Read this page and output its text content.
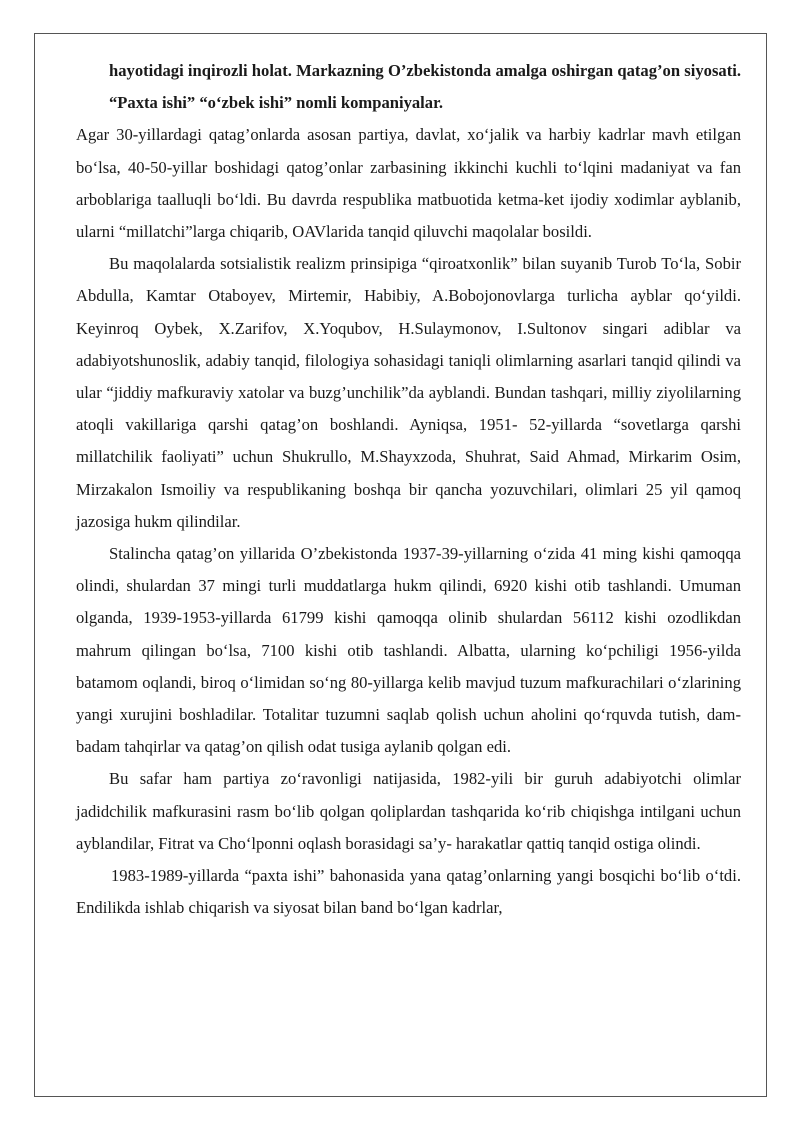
hayotidagi inqirozli holat. Markazning O’zbekistonda amalga oshirgan qatag’on siyosati. “Paxta ishi” “o‘zbek ishi” nomli kompaniyalar.

Agar 30-yillardagi qatag’onlarda asosan partiya, davlat, xo‘jalik va harbiy kadrlar mavh etilgan bo‘lsa, 40-50-yillar boshidagi qatog’onlar zarbasining ikkinchi kuchli to‘lqini madaniyat va fan arboblariga taalluqli bo‘ldi. Bu davrda respublika matbuotida ketma-ket ijodiy xodimlar ayblanib, ularni “millatchi”larga chiqarib, OAVlarida tanqid qiluvchi maqolalar bosildi.

Bu maqolalarda sotsialistik realizm prinsipiga “qiroatxonlik” bilan suyanib Turob To‘la, Sobir Abdulla, Kamtar Otaboyev, Mirtemir, Habibiy, A.Bobojonovlarga turlicha ayblar qo‘yildi. Keyinroq Oybek, X.Zarifov, X.Yoqubov, H.Sulaymonov, I.Sultonov singari adiblar va adabiyotshunoslik, adabiy tanqid, filologiya sohasidagi taniqli olimlarning asarlari tanqid qilindi va ular “jiddiy mafkuraviy xatolar va buzg’unchilik”da ayblandi. Bundan tashqari, milliy ziyolilarning atoqli vakillariga qarshi qatag’on boshlandi. Ayniqsa, 1951- 52-yillarda “sovetlarga qarshi millatchilik faoliyati” uchun Shukrullo, M.Shayxzoda, Shuhrat, Said Ahmad, Mirkarim Osim, Mirzakalon Ismoiliy va respublikaning boshqa bir qancha yozuvchilari, olimlari 25 yil qamoq jazosiga hukm qilindilar.

Stalincha qatag’on yillarida O’zbekistonda 1937-39-yillarning o‘zida 41 ming kishi qamoqqa olindi, shulardan 37 mingi turli muddatlarga hukm qilindi, 6920 kishi otib tashlandi. Umuman olganda, 1939-1953-yillarda 61799 kishi qamoqqa olinib shulardan 56112 kishi ozodlikdan mahrum qilingan bo‘lsa, 7100 kishi otib tashlandi. Albatta, ularning ko‘pchiligi 1956-yilda batamom oqlandi, biroq o‘limidan so‘ng 80-yillarga kelib mavjud tuzum mafkurachilari o‘zlarining yangi xurujini boshladilar. Totalitar tuzumni saqlab qolish uchun aholini qo‘rquvda tutish, dam-badam tahqirlar va qatag’on qilish odat tusiga aylanib qolgan edi.

Bu safar ham partiya zo‘ravonligi natijasida, 1982-yili bir guruh adabiyotchi olimlar jadidchilik mafkurasini rasm bo‘lib qolgan qoliplardan tashqarida ko‘rib chiqishga intilgani uchun ayblandilar, Fitrat va Cho‘lponni oqlash borasidagi sa’y- harakatlar qattiq tanqid ostiga olindi.

1983-1989-yillarda “paxta ishi” bahonasida yana qatag’onlarning yangi bosqichi bo‘lib o‘tdi. Endilikda ishlab chiqarish va siyosat bilan band bo‘lgan kadrlar,
